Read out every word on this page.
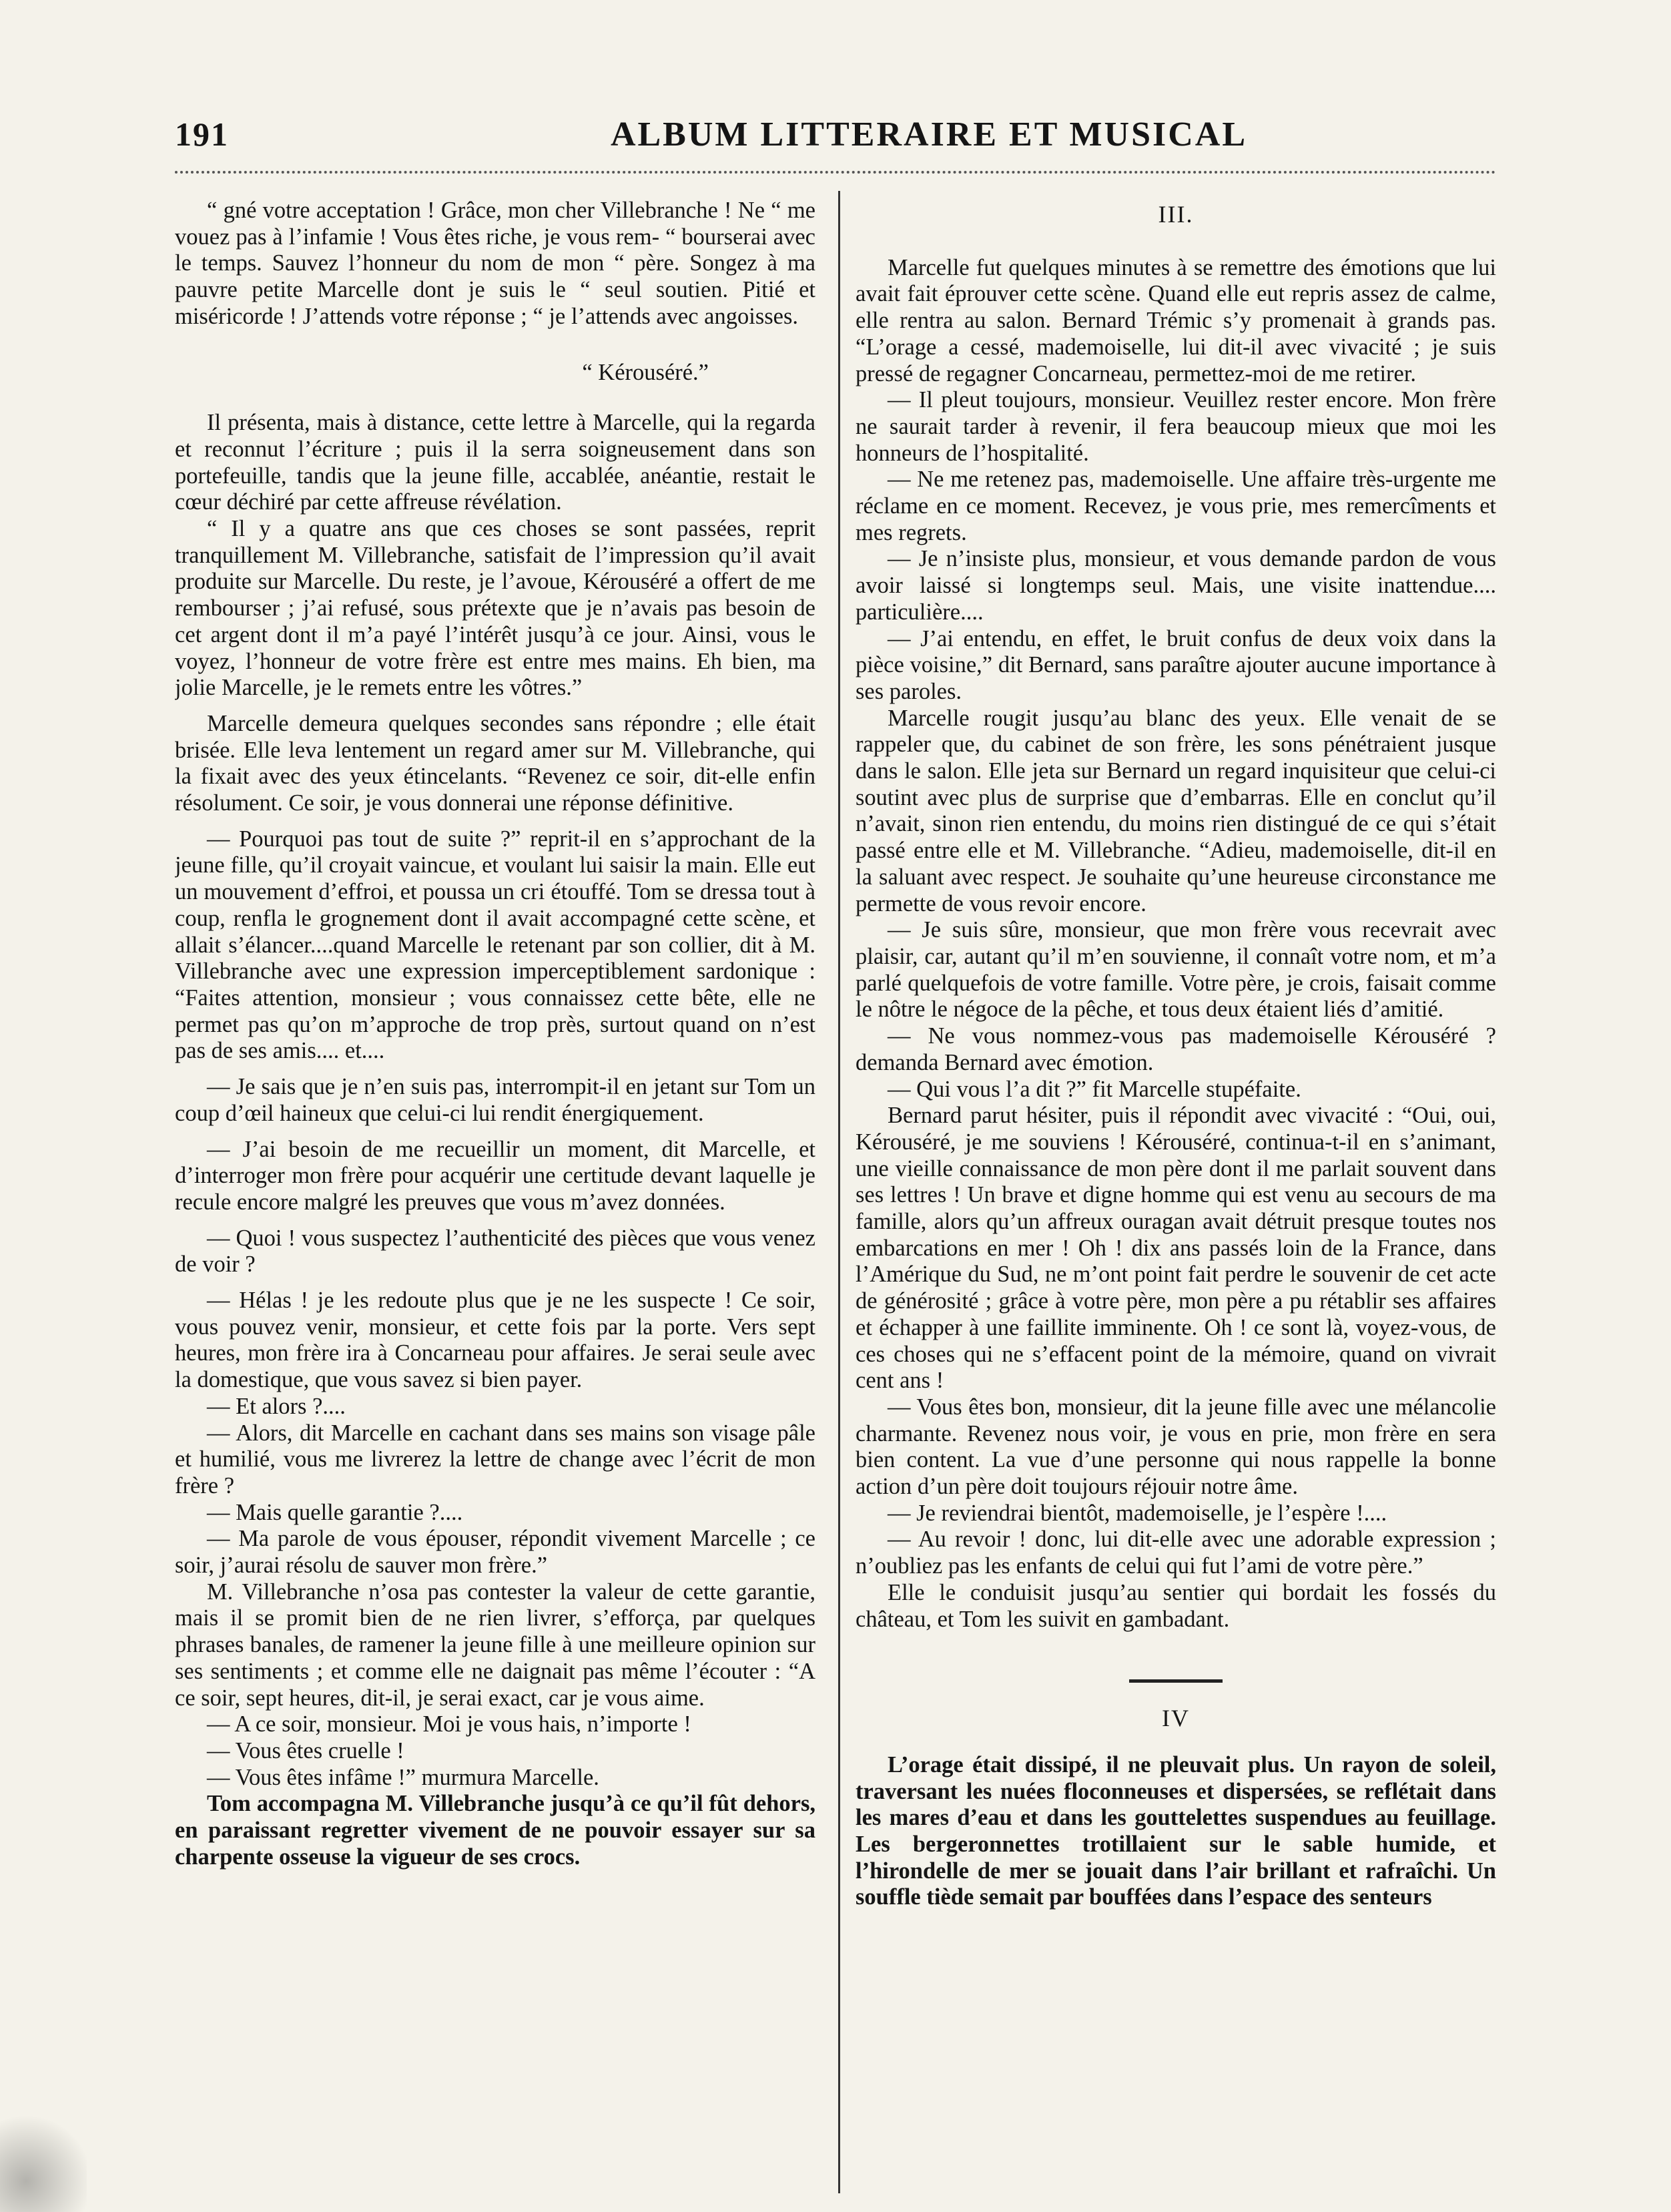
191	ALBUM LITTERAIRE ET MUSICAL

“ gné votre acceptation ! Grâce, mon cher Villebranche ! Ne “ me vouez pas à l’infamie ! Vous êtes riche, je vous rem- “ bourserai avec le temps. Sauvez l’honneur du nom de mon “ père. Songez à ma pauvre petite Marcelle dont je suis le “ seul soutien. Pitié et miséricorde ! J’attends votre réponse ; “ je l’attends avec angoisses.

“ Kérouséré.”

Il présenta, mais à distance, cette lettre à Marcelle, qui la regarda et reconnut l’écriture ; puis il la serra soigneusement dans son portefeuille, tandis que la jeune fille, accablée, anéantie, restait le cœur déchiré par cette affreuse révélation.

“ Il y a quatre ans que ces choses se sont passées, reprit tranquillement M. Villebranche, satisfait de l’impression qu’il avait produite sur Marcelle. Du reste, je l’avoue, Kérouséré a offert de me rembourser ; j’ai refusé, sous prétexte que je n’avais pas besoin de cet argent dont il m’a payé l’intérêt jusqu’à ce jour. Ainsi, vous le voyez, l’honneur de votre frère est entre mes mains. Eh bien, ma jolie Marcelle, je le remets entre les vôtres.”

Marcelle demeura quelques secondes sans répondre ; elle était brisée. Elle leva lentement un regard amer sur M. Villebranche, qui la fixait avec des yeux étincelants. “Revenez ce soir, dit-elle enfin résolument. Ce soir, je vous donnerai une réponse définitive.

— Pourquoi pas tout de suite ?” reprit-il en s’approchant de la jeune fille, qu’il croyait vaincue, et voulant lui saisir la main. Elle eut un mouvement d’effroi, et poussa un cri étouffé. Tom se dressa tout à coup, renfla le grognement dont il avait accompagné cette scène, et allait s’élancer....quand Marcelle le retenant par son collier, dit à M. Villebranche avec une expression imperceptiblement sardonique : “Faites attention, monsieur ; vous connaissez cette bête, elle ne permet pas qu’on m’approche de trop près, surtout quand on n’est pas de ses amis.... et....

— Je sais que je n’en suis pas, interrompit-il en jetant sur Tom un coup d’œil haineux que celui-ci lui rendit énergiquement.

— J’ai besoin de me recueillir un moment, dit Marcelle, et d’interroger mon frère pour acquérir une certitude devant laquelle je recule encore malgré les preuves que vous m’avez données.

— Quoi ! vous suspectez l’authenticité des pièces que vous venez de voir ?

— Hélas ! je les redoute plus que je ne les suspecte ! Ce soir, vous pouvez venir, monsieur, et cette fois par la porte. Vers sept heures, mon frère ira à Concarneau pour affaires. Je serai seule avec la domestique, que vous savez si bien payer.

— Et alors ?....

— Alors, dit Marcelle en cachant dans ses mains son visage pâle et humilié, vous me livrerez la lettre de change avec l’écrit de mon frère ?

— Mais quelle garantie ?....

— Ma parole de vous épouser, répondit vivement Marcelle ; ce soir, j’aurai résolu de sauver mon frère.”

M. Villebranche n’osa pas contester la valeur de cette garantie, mais il se promit bien de ne rien livrer, s’efforça, par quelques phrases banales, de ramener la jeune fille à une meilleure opinion sur ses sentiments ; et comme elle ne daignait pas même l’écouter : “A ce soir, sept heures, dit-il, je serai exact, car je vous aime.

— A ce soir, monsieur. Moi je vous hais, n’importe !

— Vous êtes cruelle !

— Vous êtes infâme !” murmura Marcelle.

Tom accompagna M. Villebranche jusqu’à ce qu’il fût dehors, en paraissant regretter vivement de ne pouvoir essayer sur sa charpente osseuse la vigueur de ses crocs.

III.

Marcelle fut quelques minutes à se remettre des émotions que lui avait fait éprouver cette scène. Quand elle eut repris assez de calme, elle rentra au salon. Bernard Trémic s’y promenait à grands pas. “L’orage a cessé, mademoiselle, lui dit-il avec vivacité ; je suis pressé de regagner Concarneau, permettez-moi de me retirer.

— Il pleut toujours, monsieur. Veuillez rester encore. Mon frère ne saurait tarder à revenir, il fera beaucoup mieux que moi les honneurs de l’hospitalité.

— Ne me retenez pas, mademoiselle. Une affaire très-urgente me réclame en ce moment. Recevez, je vous prie, mes remercîments et mes regrets.

— Je n’insiste plus, monsieur, et vous demande pardon de vous avoir laissé si longtemps seul. Mais, une visite inattendue.... particulière....

— J’ai entendu, en effet, le bruit confus de deux voix dans la pièce voisine,” dit Bernard, sans paraître ajouter aucune importance à ses paroles.

Marcelle rougit jusqu’au blanc des yeux. Elle venait de se rappeler que, du cabinet de son frère, les sons pénétraient jusque dans le salon. Elle jeta sur Bernard un regard inquisiteur que celui-ci soutint avec plus de surprise que d’embarras. Elle en conclut qu’il n’avait, sinon rien entendu, du moins rien distingué de ce qui s’était passé entre elle et M. Villebranche. “Adieu, mademoiselle, dit-il en la saluant avec respect. Je souhaite qu’une heureuse circonstance me permette de vous revoir encore.

— Je suis sûre, monsieur, que mon frère vous recevrait avec plaisir, car, autant qu’il m’en souvienne, il connaît votre nom, et m’a parlé quelquefois de votre famille. Votre père, je crois, faisait comme le nôtre le négoce de la pêche, et tous deux étaient liés d’amitié.

— Ne vous nommez-vous pas mademoiselle Kérouséré ? demanda Bernard avec émotion.

— Qui vous l’a dit ?” fit Marcelle stupéfaite.

Bernard parut hésiter, puis il répondit avec vivacité : “Oui, oui, Kérouséré, je me souviens ! Kérouséré, continua-t-il en s’animant, une vieille connaissance de mon père dont il me parlait souvent dans ses lettres ! Un brave et digne homme qui est venu au secours de ma famille, alors qu’un affreux ouragan avait détruit presque toutes nos embarcations en mer ! Oh ! dix ans passés loin de la France, dans l’Amérique du Sud, ne m’ont point fait perdre le souvenir de cet acte de générosité ; grâce à votre père, mon père a pu rétablir ses affaires et échapper à une faillite imminente. Oh ! ce sont là, voyez-vous, de ces choses qui ne s’effacent point de la mémoire, quand on vivrait cent ans !

— Vous êtes bon, monsieur, dit la jeune fille avec une mélancolie charmante. Revenez nous voir, je vous en prie, mon frère en sera bien content. La vue d’une personne qui nous rappelle la bonne action d’un père doit toujours réjouir notre âme.

— Je reviendrai bientôt, mademoiselle, je l’espère !....

— Au revoir ! donc, lui dit-elle avec une adorable expression ; n’oubliez pas les enfants de celui qui fut l’ami de votre père.”

Elle le conduisit jusqu’au sentier qui bordait les fossés du château, et Tom les suivit en gambadant.

IV

L’orage était dissipé, il ne pleuvait plus. Un rayon de soleil, traversant les nuées floconneuses et dispersées, se reflétait dans les mares d’eau et dans les gouttelettes suspendues au feuillage. Les bergeronnettes trotillaient sur le sable humide, et l’hirondelle de mer se jouait dans l’air brillant et rafraîchi. Un souffle tiède semait par bouffées dans l’espace des senteurs
